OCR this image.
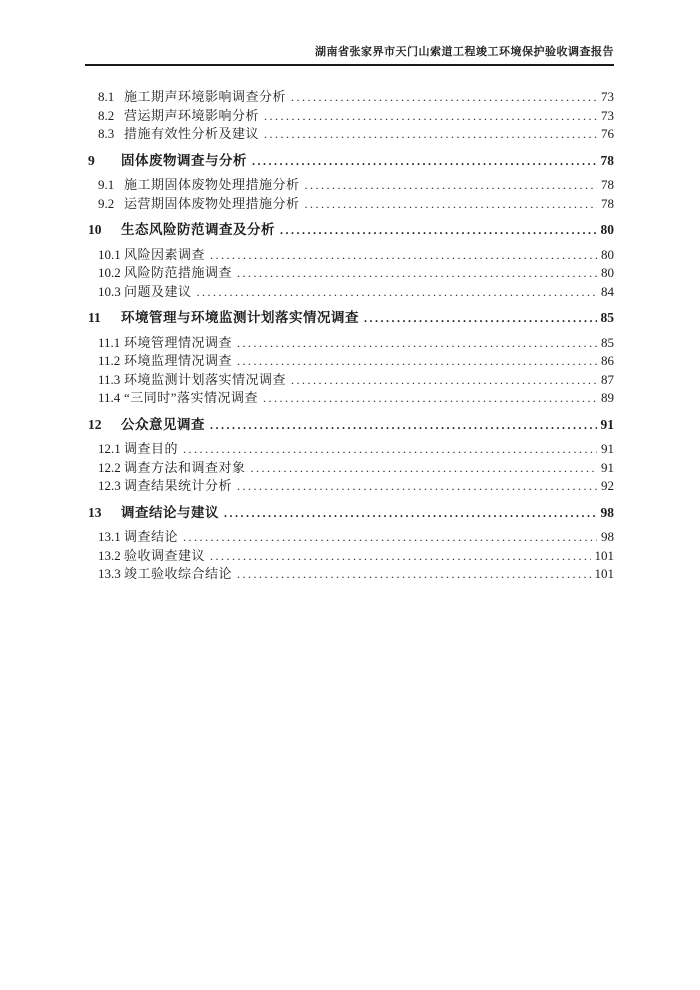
湖南省张家界市天门山索道工程竣工环境保护验收调查报告
8.1 施工期声环境影响调查分析 .....	73
8.2 营运期声环境影响分析 .....	73
8.3 措施有效性分析及建议 .....	76
9	固体废物调查与分析 .....	78
9.1 施工期固体废物处理措施分析 .....	78
9.2 运营期固体废物处理措施分析 .....	78
10	生态风险防范调查及分析 .....	80
10.1 风险因素调查 .....	80
10.2 风险防范措施调查 .....	80
10.3 问题及建议 .....	84
11	环境管理与环境监测计划落实情况调查 .....	85
11.1 环境管理情况调查 .....	85
11.2 环境监理情况调查 .....	86
11.3 环境监测计划落实情况调查 .....	87
11.4 “三同时”落实情况调查 .....	89
12	公众意见调查 .....	91
12.1 调查目的 .....	91
12.2 调查方法和调查对象 .....	91
12.3 调查结果统计分析 .....	92
13	调查结论与建议 .....	98
13.1 调查结论 .....	98
13.2 验收调查建议 .....	101
13.3 竣工验收综合结论 .....	101
